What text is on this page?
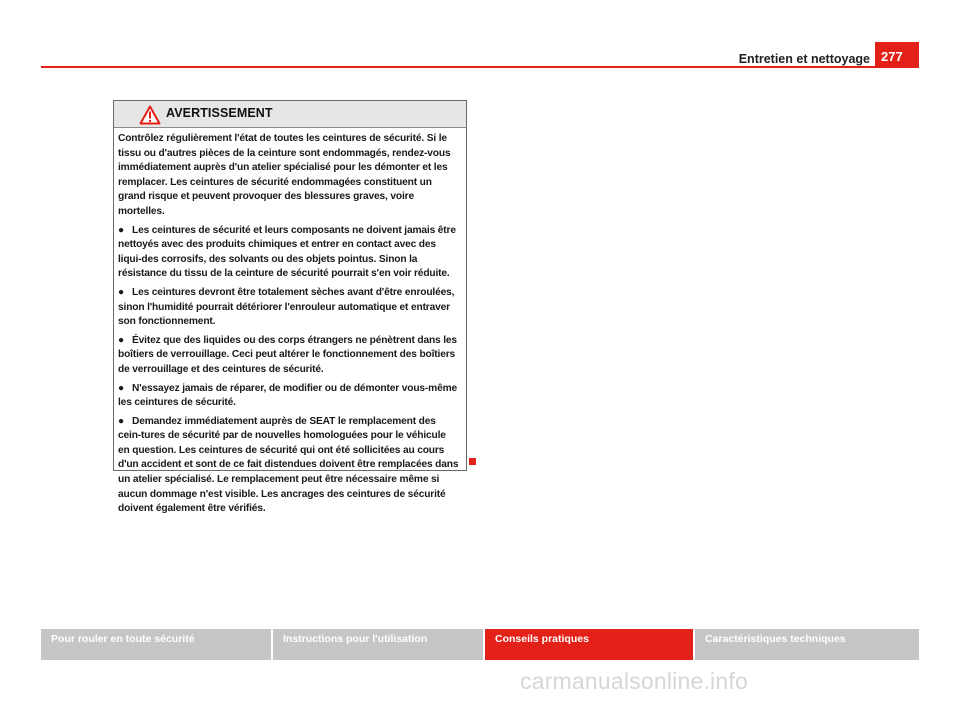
Entretien et nettoyage 277
AVERTISSEMENT

Contrôlez régulièrement l'état de toutes les ceintures de sécurité. Si le tissu ou d'autres pièces de la ceinture sont endommagés, rendez-vous immédiatement auprès d'un atelier spécialisé pour les démonter et les remplacer. Les ceintures de sécurité endommagées constituent un grand risque et peuvent provoquer des blessures graves, voire mortelles.

● Les ceintures de sécurité et leurs composants ne doivent jamais être nettoyés avec des produits chimiques et entrer en contact avec des liqui-des corrosifs, des solvants ou des objets pointus. Sinon la résistance du tissu de la ceinture de sécurité pourrait s'en voir réduite.

● Les ceintures devront être totalement sèches avant d'être enroulées, sinon l'humidité pourrait détériorer l'enrouleur automatique et entraver son fonctionnement.

● Évitez que des liquides ou des corps étrangers ne pénètrent dans les boîtiers de verrouillage. Ceci peut altérer le fonctionnement des boîtiers de verrouillage et des ceintures de sécurité.

● N'essayez jamais de réparer, de modifier ou de démonter vous-même les ceintures de sécurité.

● Demandez immédiatement auprès de SEAT le remplacement des cein-tures de sécurité par de nouvelles homologuées pour le véhicule en question. Les ceintures de sécurité qui ont été sollicitées au cours d'un accident et sont de ce fait distendues doivent être remplacées dans un atelier spécialisé. Le remplacement peut être nécessaire même si aucun dommage n'est visible. Les ancrages des ceintures de sécurité doivent également être vérifiés.

Pour rouler en toute sécurité	Instructions pour l'utilisation	Conseils pratiques	Caractéristiques techniques
carmanualsonline.info
